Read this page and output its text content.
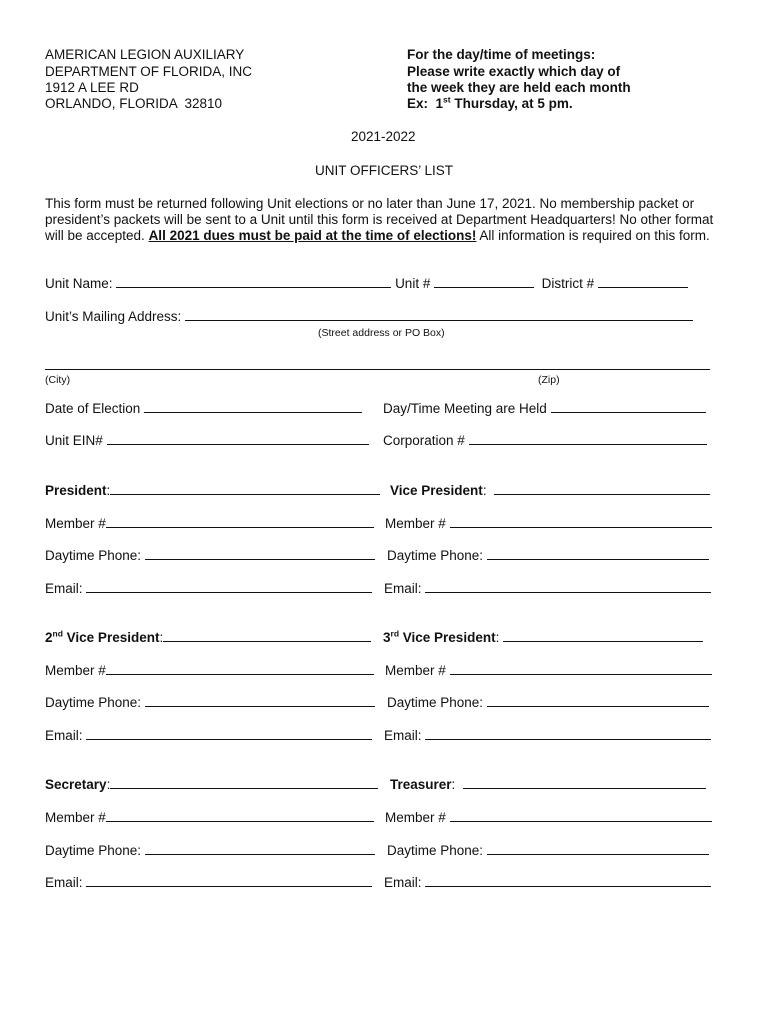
AMERICAN LEGION AUXILIARY
DEPARTMENT OF FLORIDA, INC
1912 A LEE RD
ORLANDO, FLORIDA  32810
For the day/time of meetings:
Please write exactly which day of
the week they are held each month
Ex:  1st Thursday, at 5 pm.
2021-2022
UNIT OFFICERS’ LIST
This form must be returned following Unit elections or no later than June 17, 2021. No membership packet or president’s packets will be sent to a Unit until this form is received at Department Headquarters! No other format will be accepted. All 2021 dues must be paid at the time of elections! All information is required on this form.
Unit Name:	Unit #	District #
Unit’s Mailing Address:
(Street address or PO Box)
(City)	(Zip)
Date of Election	Day/Time Meeting are Held
Unit EIN#	Corporation #
President:	Vice President:
Member #	Member #
Daytime Phone:	Daytime Phone:
Email:	Email:
2nd Vice President:	3rd Vice President:
Member #	Member #
Daytime Phone:	Daytime Phone:
Email:	Email:
Secretary:	Treasurer:
Member #	Member #
Daytime Phone:	Daytime Phone:
Email:	Email:
